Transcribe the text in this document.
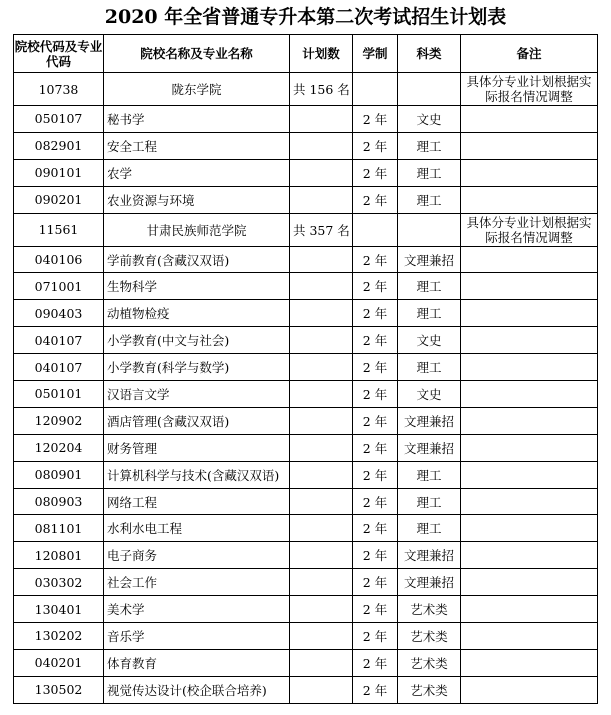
2020 年全省普通专升本第二次考试招生计划表
院校代码及专业代码	院校名称及专业名称	计划数	学制	科类	备注
10738	陇东学院	共 156 名			具体分专业计划根据实际报名情况调整
050107	秘书学		2 年	文史	
082901	安全工程		2 年	理工	
090101	农学		2 年	理工	
090201	农业资源与环境		2 年	理工	
11561	甘肃民族师范学院	共 357 名			具体分专业计划根据实际报名情况调整
040106	学前教育(含藏汉双语)		2 年	文理兼招	
071001	生物科学		2 年	理工	
090403	动植物检疫		2 年	理工	
040107	小学教育(中文与社会)		2 年	文史	
040107	小学教育(科学与数学)		2 年	理工	
050101	汉语言文学		2 年	文史	
120902	酒店管理(含藏汉双语)		2 年	文理兼招	
120204	财务管理		2 年	文理兼招	
080901	计算机科学与技术(含藏汉双语)		2 年	理工	
080903	网络工程		2 年	理工	
081101	水利水电工程		2 年	理工	
120801	电子商务		2 年	文理兼招	
030302	社会工作		2 年	文理兼招	
130401	美术学		2 年	艺术类	
130202	音乐学		2 年	艺术类	
040201	体育教育		2 年	艺术类	
130502	视觉传达设计(校企联合培养)		2 年	艺术类	
